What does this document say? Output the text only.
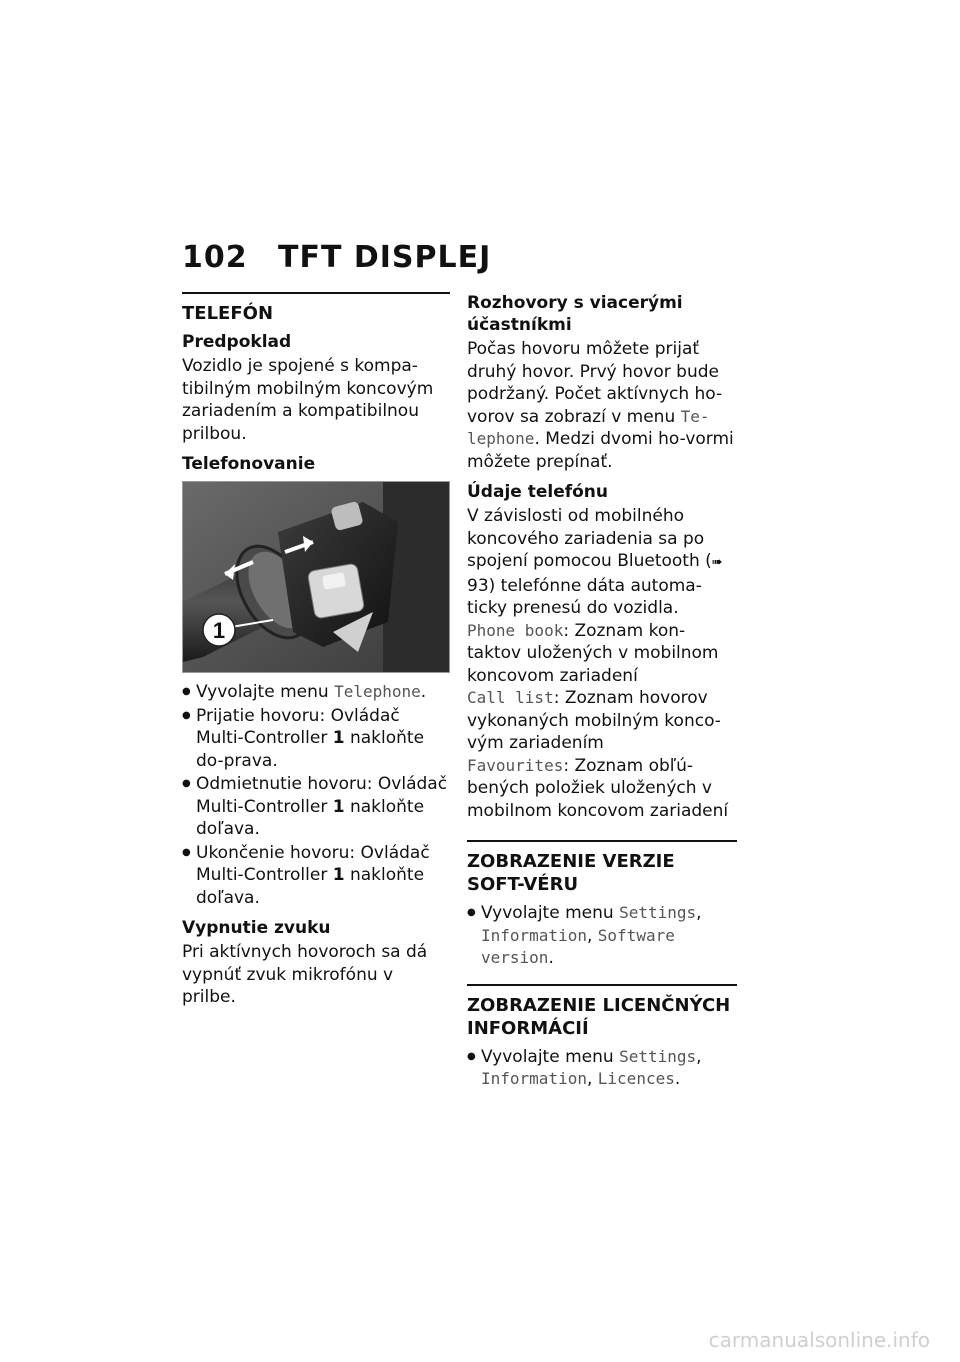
102 TFT DISPLEJ
TELEFÓN
Predpoklad

Vozidlo je spojené s kompa-tibilným mobilným koncovým zariadením a kompatibilnou prilbou.

Telefonovanie
1
● Vyvolajte menu Telephone.
● Prijatie hovoru: Ovládač Multi-Controller 1 nakloňte do-prava.
● Odmietnutie hovoru: Ovládač Multi-Controller 1 nakloňte doľava.
● Ukončenie hovoru: Ovládač Multi-Controller 1 nakloňte doľava.
Vypnutie zvuku

Pri aktívnych hovoroch sa dá vypnúť zvuk mikrofónu v prilbe.

Rozhovory s viacerými účastníkmi

Počas hovoru môžete prijať druhý hovor. Prvý hovor bude podržaný. Počet aktívnych ho-vorov sa zobrazí v menu Te-lephone. Medzi dvomi ho-vormi môžete prepínať.

Údaje telefónu

V závislosti od mobilného koncového zariadenia sa po spojení pomocou Bluetooth (➠ 93) telefónne dáta automa-ticky prenesú do vozidla.

Phone book: Zoznam kon-taktov uložených v mobilnom koncovom zariadení

Call list: Zoznam hovorov vykonaných mobilným konco-vým zariadením

Favourites: Zoznam obľú-bených položiek uložených v mobilnom koncovom zariadení

ZOBRAZENIE VERZIE SOFT-VÉRU
● Vyvolajte menu Settings, Information, Software version.
ZOBRAZENIE LICENČNÝCH INFORMÁCIÍ
● Vyvolajte menu Settings, Information, Licences.
carmanualsonline.info
